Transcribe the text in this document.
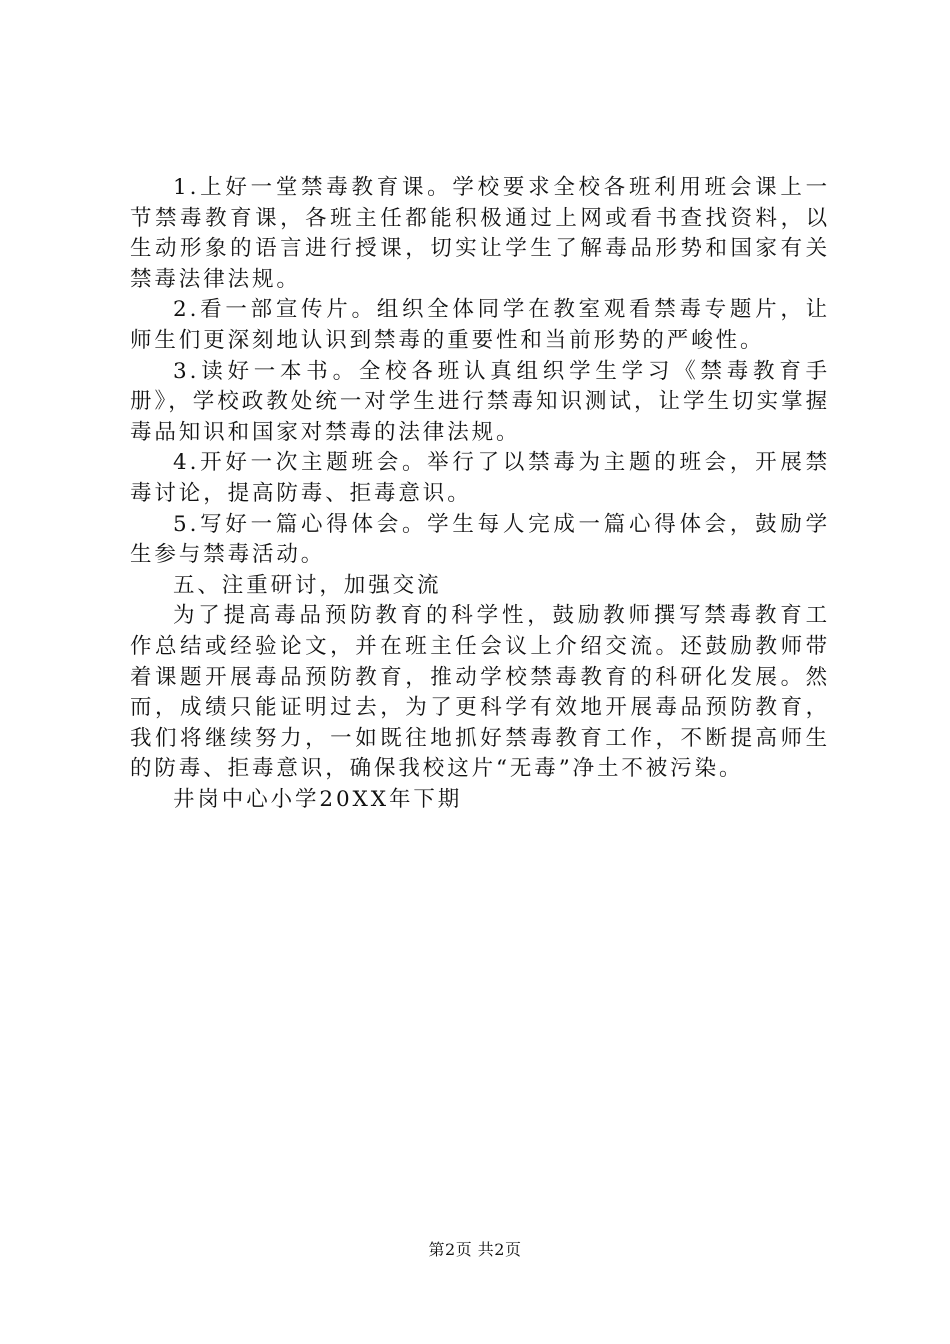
1.上好一堂禁毒教育课。学校要求全校各班利用班会课上一节禁毒教育课，各班主任都能积极通过上网或看书查找资料，以生动形象的语言进行授课，切实让学生了解毒品形势和国家有关禁毒法律法规。

2.看一部宣传片。组织全体同学在教室观看禁毒专题片，让师生们更深刻地认识到禁毒的重要性和当前形势的严峻性。

3.读好一本书。全校各班认真组织学生学习《禁毒教育手册》，学校政教处统一对学生进行禁毒知识测试，让学生切实掌握毒品知识和国家对禁毒的法律法规。

4.开好一次主题班会。举行了以禁毒为主题的班会，开展禁毒讨论，提高防毒、拒毒意识。

5.写好一篇心得体会。学生每人完成一篇心得体会，鼓励学生参与禁毒活动。

五、注重研讨，加强交流

为了提高毒品预防教育的科学性，鼓励教师撰写禁毒教育工作总结或经验论文，并在班主任会议上介绍交流。还鼓励教师带着课题开展毒品预防教育，推动学校禁毒教育的科研化发展。然而，成绩只能证明过去，为了更科学有效地开展毒品预防教育，我们将继续努力，一如既往地抓好禁毒教育工作，不断提高师生的防毒、拒毒意识，确保我校这片“无毒”净土不被污染。

井岗中心小学20XX年下期

第2页 共2页
